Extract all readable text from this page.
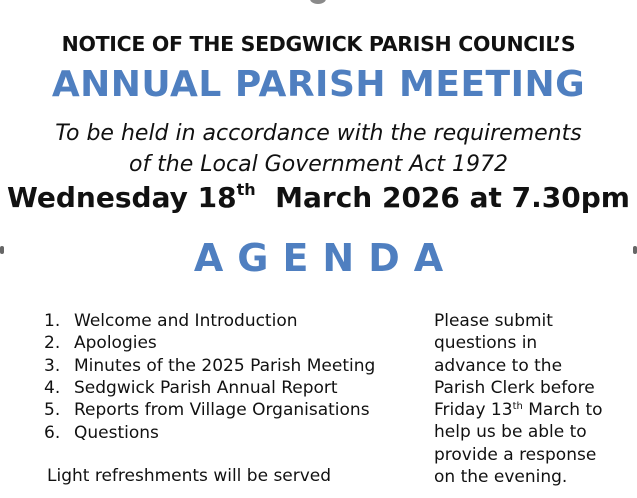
NOTICE OF THE SEDGWICK PARISH COUNCIL’S
ANNUAL PARISH MEETING
To be held in accordance with the requirements
of the Local Government Act 1972
Wednesday 18th March 2026 at 7.30pm
AGENDA
1. Welcome and Introduction
2. Apologies
3. Minutes of the 2025 Parish Meeting
4. Sedgwick Parish Annual Report
5. Reports from Village Organisations
6. Questions
Light refreshments will be served
Please submit
questions in
advance to the
Parish Clerk before
Friday 13th March to
help us be able to
provide a response
on the evening.
